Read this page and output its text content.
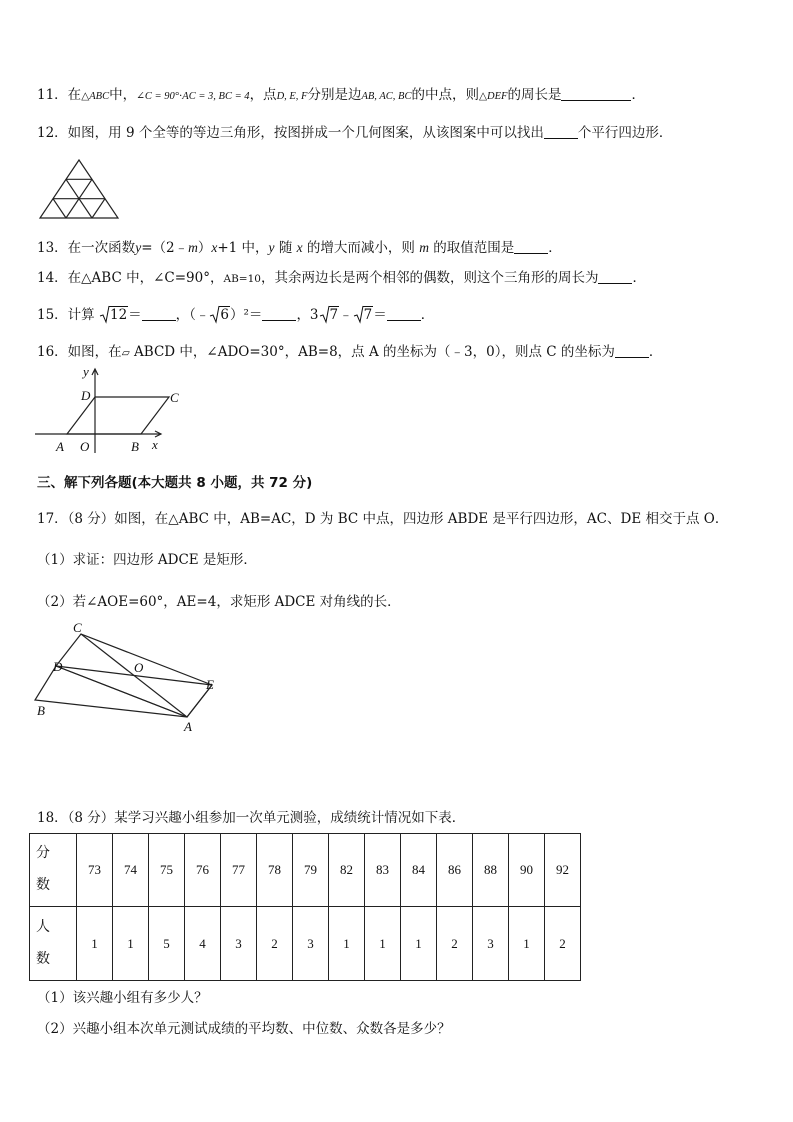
11．在△ABC中，∠C = 90°·AC = 3, BC = 4，点D, E, F分别是边AB, AC, BC的中点，则△DEF的周长是	．
12．如图，用 9 个全等的等边三角形，按图拼成一个几何图案，从该图案中可以找出	个平行四边形．
13．在一次函数y=（2﹣m）x+1 中，y 随 x 的增大而减小，则 m 的取值范围是	．
14．在△ABC 中，∠C=90°，AB=10，其余两边长是两个相邻的偶数，则这个三角形的周长为	．
15．计算
12＝	，（﹣ 6）²＝	，3 7﹣ 7＝	．
16．如图，在▱ ABCD 中，∠ADO=30°，AB=8，点 A 的坐标为（﹣3，0），则点 C 的坐标为	．
y
D	C
A O	B x
三、解下列各题(本大题共 8 小题，共 72 分)
17．（8 分）如图，在△ABC 中，AB=AC，D 为 BC 中点，四边形 ABDE 是平行四边形，AC、DE 相交于点 O．
（1）求证：四边形 ADCE 是矩形．
（2）若∠AOE=60°，AE=4，求矩形 ADCE 对角线的长．
C
D	O
E
B
A
18．（8 分）某学习兴趣小组参加一次单元测验，成绩统计情况如下表．
分
数	73	74	75	76	77	78	79	82	83	84	86	88	90	92
人
数	1	1	5	4	3	2	3	1	1	1	2	3	1	2
（1）该兴趣小组有多少人？
（2）兴趣小组本次单元测试成绩的平均数、中位数、众数各是多少？
